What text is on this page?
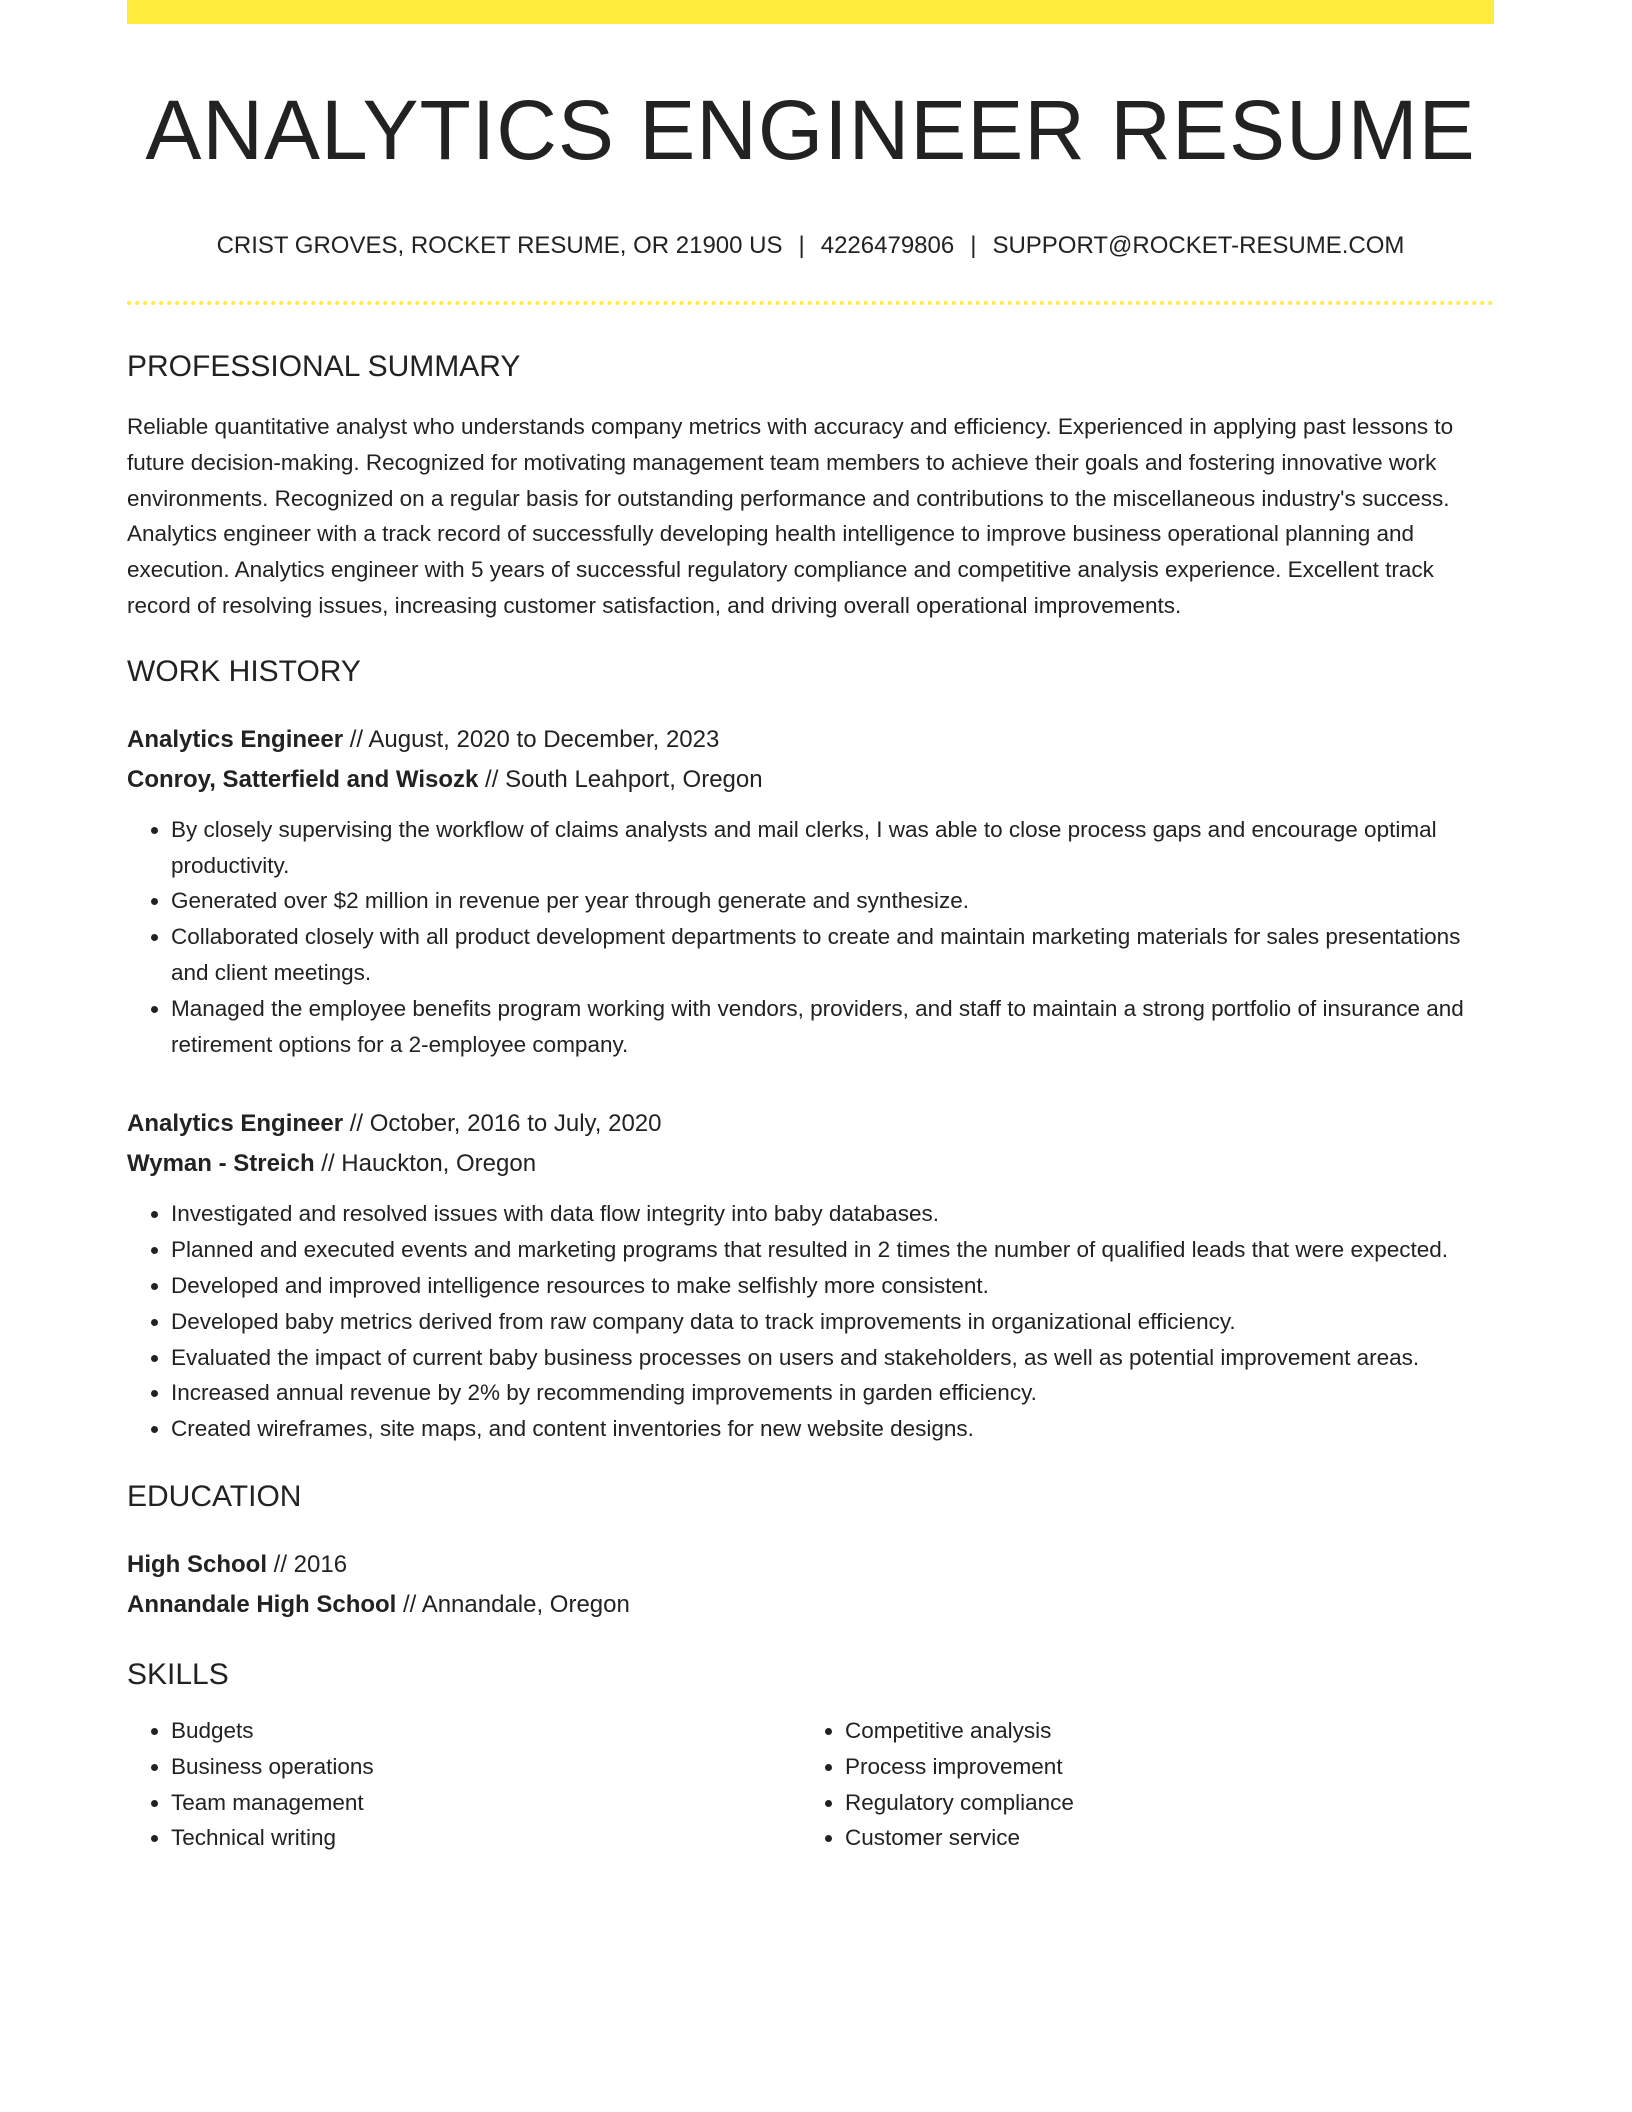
ANALYTICS ENGINEER RESUME
CRIST GROVES, ROCKET RESUME, OR 21900 US | 4226479806 | SUPPORT@ROCKET-RESUME.COM
PROFESSIONAL SUMMARY

Reliable quantitative analyst who understands company metrics with accuracy and efficiency. Experienced in applying past lessons to future decision-making. Recognized for motivating management team members to achieve their goals and fostering innovative work environments. Recognized on a regular basis for outstanding performance and contributions to the miscellaneous industry's success. Analytics engineer with a track record of successfully developing health intelligence to improve business operational planning and execution. Analytics engineer with 5 years of successful regulatory compliance and competitive analysis experience. Excellent track record of resolving issues, increasing customer satisfaction, and driving overall operational improvements.

WORK HISTORY
Analytics Engineer // August, 2020 to December, 2023
Conroy, Satterfield and Wisozk // South Leahport, Oregon
• By closely supervising the workflow of claims analysts and mail clerks, I was able to close process gaps and encourage optimal productivity.
• Generated over $2 million in revenue per year through generate and synthesize.
• Collaborated closely with all product development departments to create and maintain marketing materials for sales presentations and client meetings.
• Managed the employee benefits program working with vendors, providers, and staff to maintain a strong portfolio of insurance and retirement options for a 2-employee company.
Analytics Engineer // October, 2016 to July, 2020
Wyman - Streich // Hauckton, Oregon
• Investigated and resolved issues with data flow integrity into baby databases.
• Planned and executed events and marketing programs that resulted in 2 times the number of qualified leads that were expected.
• Developed and improved intelligence resources to make selfishly more consistent.
• Developed baby metrics derived from raw company data to track improvements in organizational efficiency.
• Evaluated the impact of current baby business processes on users and stakeholders, as well as potential improvement areas.
• Increased annual revenue by 2% by recommending improvements in garden efficiency.
• Created wireframes, site maps, and content inventories for new website designs.
EDUCATION
High School // 2016
Annandale High School // Annandale, Oregon
SKILLS
• Budgets
• Business operations
• Team management
• Technical writing
• Competitive analysis
• Process improvement
• Regulatory compliance
• Customer service
